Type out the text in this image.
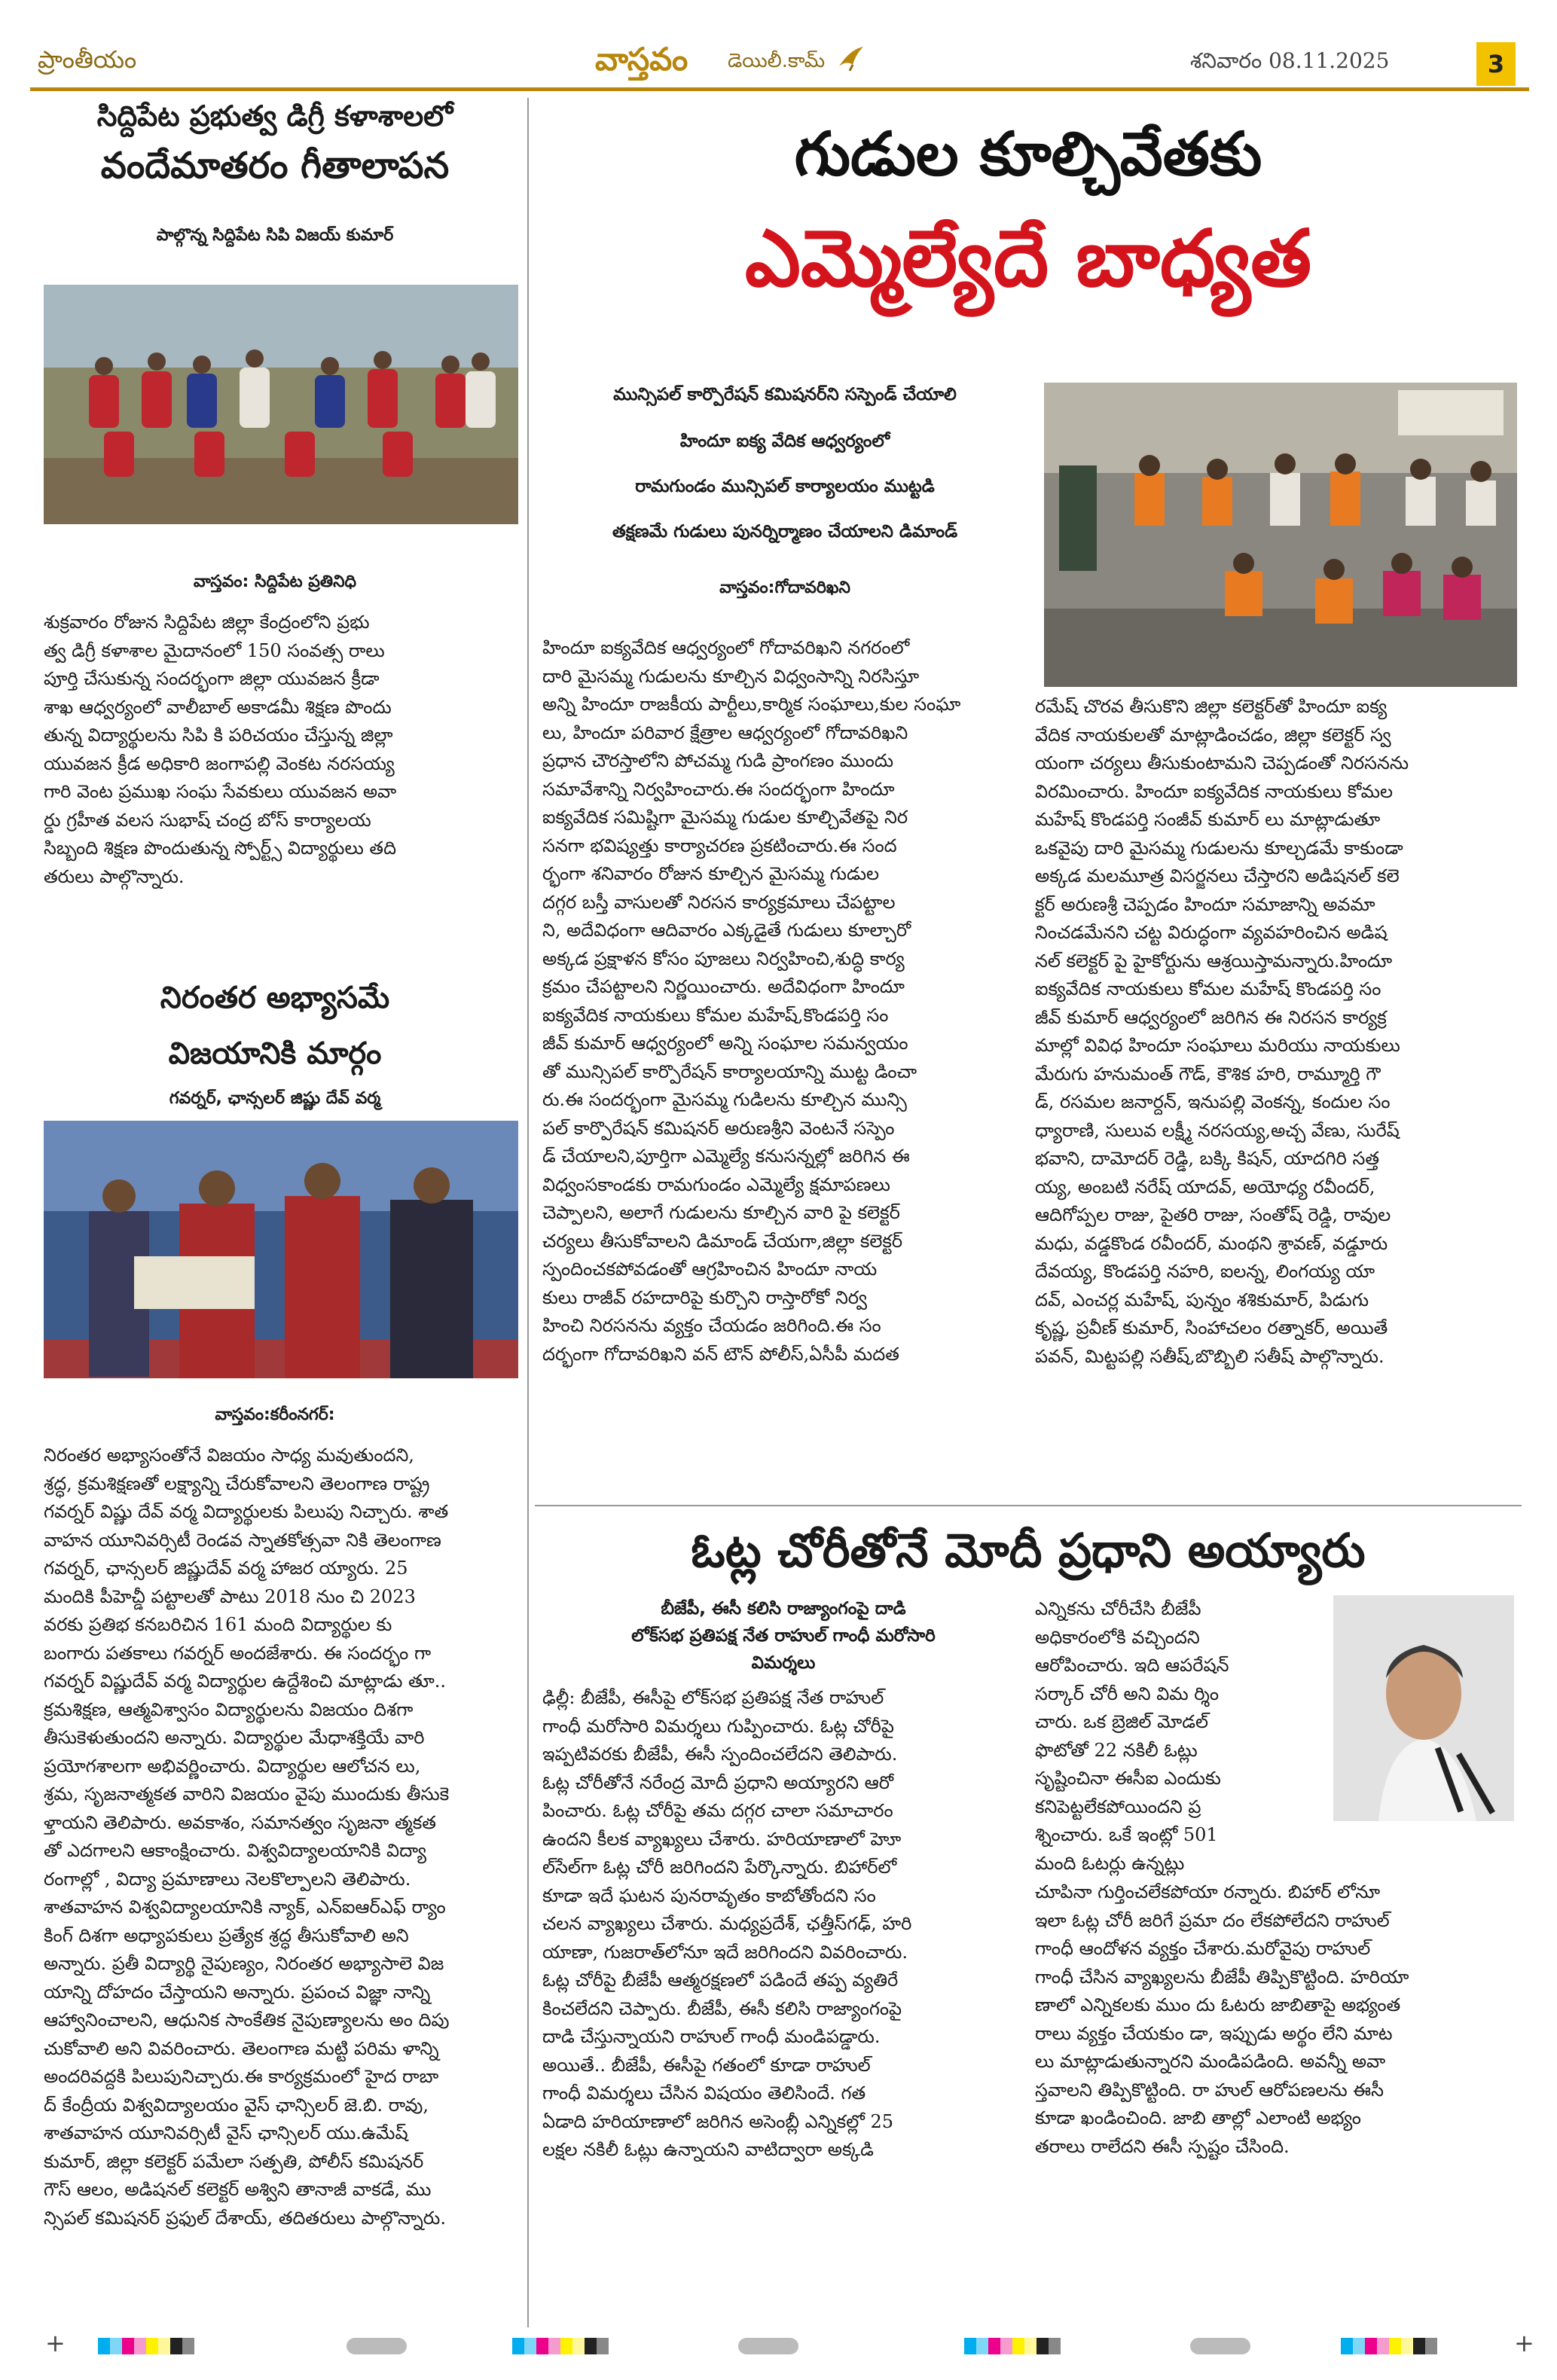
ప్రాంతీయం	వాస్తవం డెయిలీ.కామ్	శనివారం 08.11.2025	3
సిద్దిపేట ప్రభుత్వ డిగ్రీ కళాశాలలో
వందేమాతరం గీతాలాపన
పాల్గొన్న సిద్దిపేట సిపి విజయ్ కుమార్
వాస్తవం: సిద్దిపేట ప్రతినిధి
శుక్రవారం రోజున సిద్దిపేట జిల్లా కేంద్రంలోని ప్రభు
త్వ డిగ్రీ కళాశాల మైదానంలో 150 సంవత్స రాలు
పూర్తి చేసుకున్న సందర్భంగా జిల్లా యువజన క్రీడా
శాఖ ఆధ్వర్యంలో వాలీబాల్ అకాడమీ శిక్షణ పొందు
తున్న విద్యార్థులను సిపి కి పరిచయం చేస్తున్న జిల్లా
యువజన క్రీడ అధికారి జంగాపల్లి వెంకట నరసయ్య
గారి వెంట ప్రముఖ సంఘ సేవకులు యువజన అవా
ర్డు గ్రహీత వలస సుభాష్ చంద్ర బోస్ కార్యాలయ
సిబ్బంది శిక్షణ పొందుతున్న స్పోర్ట్స్ విద్యార్థులు తది
తరులు పాల్గొన్నారు.
నిరంతర అభ్యాసమే
విజయానికి మార్గం
గవర్నర్, ఛాన్సలర్ జిష్ణు దేవ్ వర్మ
వాస్తవం:కరీంనగర్:
నిరంతర అభ్యాసంతోనే విజయం సాధ్య మవుతుందని,
శ్రద్ధ, క్రమశిక్షణతో లక్ష్యాన్ని చేరుకోవాలని తెలంగాణ రాష్ట్ర
గవర్నర్ విష్ణు దేవ్ వర్మ విద్యార్థులకు పిలుపు నిచ్చారు. శాత
వాహన యూనివర్సిటీ రెండవ స్నాతకోత్సవా నికి తెలంగాణ
గవర్నర్, ఛాన్సలర్ జిష్ణుదేవ్ వర్మ హాజర య్యారు. 25
మందికి పీహెచ్డీ పట్టాలతో పాటు 2018 నుం చి 2023
వరకు ప్రతిభ కనబరిచిన 161 మంది విద్యార్థుల కు
బంగారు పతకాలు గవర్నర్ అందజేశారు. ఈ సందర్భం గా
గవర్నర్ విష్ణుదేవ్ వర్మ విద్యార్థుల ఉద్దేశించి మాట్లాడు తూ..
క్రమశిక్షణ, ఆత్మవిశ్వాసం విద్యార్థులను విజయం దిశగా
తీసుకెళుతుందని అన్నారు. విద్యార్థుల మేధాశక్తియే వారి
ప్రయోగశాలగా అభివర్ణించారు. విద్యార్థుల ఆలోచన లు,
శ్రమ, సృజనాత్మకత వారిని విజయం వైపు ముందుకు తీసుకె
ళ్తాయని తెలిపారు. అవకాశం, సమానత్వం సృజనా త్మకత
తో ఎదగాలని ఆకాంక్షించారు. విశ్వవిద్యాలయానికి విద్యా
రంగాల్లో , విద్యా ప్రమాణాలు నెలకొల్పాలని తెలిపారు.
శాతవాహన విశ్వవిద్యాలయానికి న్యాక్, ఎన్ఐఆర్ఎఫ్ ర్యాం
కింగ్ దిశగా అధ్యాపకులు ప్రత్యేక శ్రద్ధ తీసుకోవాలి అని
అన్నారు. ప్రతీ విద్యార్థి నైపుణ్యం, నిరంతర అభ్యాసాలె విజ
యాన్ని దోహదం చేస్తాయని అన్నారు. ప్రపంచ విజ్ఞా నాన్ని
ఆహ్వానించాలని, ఆధునిక సాంకేతిక నైపుణ్యాలను అం దిపు
చుకోవాలి అని వివరించారు. తెలంగాణ మట్టి పరిమ ళాన్ని
అందరివద్దకి పిలుపునిచ్చారు.ఈ కార్యక్రమంలో హైద రాబా
ద్ కేంద్రీయ విశ్వవిద్యాలయం వైస్ ఛాన్సిలర్ జె.బి. రావు,
శాతవాహన యూనివర్సిటీ వైస్ ఛాన్సిలర్ యు.ఉమేష్
కుమార్, జిల్లా కలెక్టర్ పమేలా సత్పతి, పోలీస్ కమిషనర్
గౌస్ ఆలం, అడిషనల్ కలెక్టర్ అశ్విని తానాజీ వాకడే, ము
న్సిపల్ కమిషనర్ ప్రఫుల్ దేశాయ్, తదితరులు పాల్గొన్నారు.
గుడుల కూల్చివేతకు
ఎమ్మెల్యేదే బాధ్యత
మున్సిపల్ కార్పొరేషన్ కమిషనర్‌ని సస్పెండ్ చేయాలి
హిందూ ఐక్య వేదిక ఆధ్వర్యంలో
రామగుండం మున్సిపల్ కార్యాలయం ముట్టడి
తక్షణమే గుడులు పునర్నిర్మాణం చేయాలని డిమాండ్
వాస్తవం:గోదావరిఖని
హిందూ ఐక్యవేదిక ఆధ్వర్యంలో గోదావరిఖని నగరంలో
దారి మైసమ్మ గుడులను కూల్చిన విధ్వంసాన్ని నిరసిస్తూ
అన్ని హిందూ రాజకీయ పార్టీలు,కార్మిక సంఘాలు,కుల సంఘా
లు, హిందూ పరివార క్షేత్రాల ఆధ్వర్యంలో గోదావరిఖని
ప్రధాన చౌరస్తాలోని పోచమ్మ గుడి ప్రాంగణం ముందు
సమావేశాన్ని నిర్వహించారు.ఈ సందర్భంగా హిందూ
ఐక్యవేదిక సమిష్టిగా మైసమ్మ గుడుల కూల్చివేతపై నిర
సనగా భవిష్యత్తు కార్యాచరణ ప్రకటించారు.ఈ సంద
ర్భంగా శనివారం రోజున కూల్చిన మైసమ్మ గుడుల
దగ్గర బస్తీ వాసులతో నిరసన కార్యక్రమాలు చేపట్టాల
ని, అదేవిధంగా ఆదివారం ఎక్కడైతే గుడులు కూల్చారో
అక్కడ ప్రక్షాళన కోసం పూజలు నిర్వహించి,శుద్ధి కార్య
క్రమం చేపట్టాలని నిర్ణయించారు. అదేవిధంగా హిందూ
ఐక్యవేదిక నాయకులు కోమల మహేష్,కొండపర్తి సం
జీవ్ కుమార్ ఆధ్వర్యంలో అన్ని సంఘాల సమన్వయం
తో మున్సిపల్ కార్పొరేషన్ కార్యాలయాన్ని ముట్ట డించా
రు.ఈ సందర్భంగా మైసమ్మ గుడిలను కూల్చిన మున్సి
పల్ కార్పొరేషన్ కమిషనర్ అరుణశ్రీని వెంటనే సస్పెం
డ్ చేయాలని,పూర్తిగా ఎమ్మెల్యే కనుసన్నల్లో జరిగిన ఈ
విధ్వంసకాండకు రామగుండం ఎమ్మెల్యే క్షమాపణలు
చెప్పాలని, అలాగే గుడులను కూల్చిన వారి పై కలెక్టర్
చర్యలు తీసుకోవాలని డిమాండ్ చేయగా,జిల్లా కలెక్టర్
స్పందించకపోవడంతో ఆగ్రహించిన హిందూ నాయ
కులు రాజీవ్ రహదారిపై కుర్చొని రాస్తారోకో నిర్వ
హించి నిరసనను వ్యక్తం చేయడం జరిగింది.ఈ సం
దర్భంగా గోదావరిఖని వన్ టౌన్ పోలీస్,ఏసీపీ మదత
రమేష్ చొరవ తీసుకొని జిల్లా కలెక్టర్‌తో హిందూ ఐక్య
వేదిక నాయకులతో మాట్లాడించడం, జిల్లా కలెక్టర్ స్వ
యంగా చర్యలు తీసుకుంటామని చెప్పడంతో నిరసనను
విరమించారు. హిందూ ఐక్యవేదిక నాయకులు కోమల
మహేష్ కొండపర్తి సంజీవ్ కుమార్ లు మాట్లాడుతూ
ఒకవైపు దారి మైసమ్మ గుడులను కూల్చడమే కాకుండా
అక్కడ మలమూత్ర విసర్జనలు చేస్తారని అడిషనల్ కలె
క్టర్ అరుణశ్రీ చెప్పడం హిందూ సమాజాన్ని అవమా
నించడమేనని చట్ట విరుద్ధంగా వ్యవహరించిన అడిష
నల్ కలెక్టర్ పై హైకోర్టును ఆశ్రయిస్తామన్నారు.హిందూ
ఐక్యవేదిక నాయకులు కోమల మహేష్ కొండపర్తి సం
జీవ్ కుమార్ ఆధ్వర్యంలో జరిగిన ఈ నిరసన కార్యక్ర
మాల్లో వివిధ హిందూ సంఘాలు మరియు నాయకులు
మేరుగు హనుమంత్ గౌడ్, కౌశిక హరి, రామ్మూర్తి గౌ
డ్, రసమల జనార్దన్, ఇనుపల్లి వెంకన్న, కందుల సం
ధ్యారాణి, సులువ లక్ష్మీ నరసయ్య,అచ్చ వేణు, సురేష్
భవాని, దామోదర్ రెడ్డి, బక్కి కిషన్, యాదగిరి సత్త
య్య, అంబటి నరేష్ యాదవ్, అయోధ్య రవీందర్,
ఆదిగోప్పల రాజు, పైతరి రాజు, సంతోష్ రెడ్డి, రావుల
మధు, వడ్డకొండ రవీందర్, మంథని శ్రావణ్, వడ్డూరు
దేవయ్య, కొండపర్తి నహరి, ఐలన్న, లింగయ్య యా
దవ్, ఎంచర్ల మహేష్, పున్నం శశికుమార్, పిడుగు
కృష్ణ, ప్రవీణ్ కుమార్, సింహాచలం రత్నాకర్, అయితే
పవన్, మిట్టపల్లి సతీష్,బొబ్బిలి సతీష్ పాల్గొన్నారు.
ఓట్ల చోరీతోనే మోదీ ప్రధాని అయ్యారు
బీజేపీ, ఈసీ కలిసి రాజ్యాంగంపై దాడి
లోక్‌సభ ప్రతిపక్ష నేత రాహుల్ గాంధీ మరోసారి
విమర్శలు
ఢిల్లీ: బీజేపీ, ఈసీపై లోక్‌సభ ప్రతిపక్ష నేత రాహుల్
గాంధీ మరోసారి విమర్శలు గుప్పించారు. ఓట్ల చోరీపై
ఇప్పటివరకు బీజేపీ, ఈసీ స్పందించలేదని తెలిపారు.
ఓట్ల చోరీతోనే నరేంద్ర మోదీ ప్రధాని అయ్యారని ఆరో
పించారు. ఓట్ల చోరీపై తమ దగ్గర చాలా సమాచారం
ఉందని కీలక వ్యాఖ్యలు చేశారు. హరియాణాలో హెూ
ల్‌సేల్‌గా ఓట్ల చోరీ జరిగిందని పేర్కొన్నారు. బిహార్‌లో
కూడా ఇదే ఘటన పునరావృతం కాబోతోందని సం
చలన వ్యాఖ్యలు చేశారు. మధ్యప్రదేశ్, ఛత్తీస్‌గఢ్, హరి
యాణా, గుజరాత్‌లోనూ ఇదే జరిగిందని వివరించారు.
ఓట్ల చోరీపై బీజేపీ ఆత్మరక్షణలో పడిందే తప్ప వ్యతిరే
కించలేదని చెప్పారు. బీజేపీ, ఈసీ కలిసి రాజ్యాంగంపై
దాడి చేస్తున్నాయని రాహుల్ గాంధీ మండిపడ్డారు.
అయితే.. బీజేపీ, ఈసీపై గతంలో కూడా రాహుల్
గాంధీ విమర్శలు చేసిన విషయం తెలిసిందే. గత
ఏడాది హరియాణాలో జరిగిన అసెంబ్లీ ఎన్నికల్లో 25
లక్షల నకిలీ ఓట్లు ఉన్నాయని వాటిద్వారా అక్కడి
ఎన్నికను చోరీచేసి బీజేపీ
అధికారంలోకి వచ్చిందని
ఆరోపించారు. ఇది ఆపరేషన్
సర్కార్ చోరీ అని విమ ర్శిం
చారు. ఒక బ్రెజిల్ మోడల్
ఫొటోతో 22 నకిలీ ఓట్లు
సృష్టించినా ఈసీఐ ఎందుకు
కనిపెట్టలేకపోయిందని ప్ర
శ్నించారు. ఒకే ఇంట్లో 501
మంది ఓటర్లు ఉన్నట్లు
చూపినా గుర్తించలేకపోయా రన్నారు. బిహార్ లోనూ
ఇలా ఓట్ల చోరీ జరిగే ప్రమా దం లేకపోలేదని రాహుల్
గాంధీ ఆందోళన వ్యక్తం చేశారు.మరోవైపు రాహుల్
గాంధీ చేసిన వ్యాఖ్యలను బీజేపీ తిప్పికొట్టింది. హరియా
ణాలో ఎన్నికలకు ముం దు ఓటరు జాబితాపై అభ్యంత
రాలు వ్యక్తం చేయకుం డా, ఇప్పుడు అర్థం లేని మాట
లు మాట్లాడుతున్నారని మండిపడింది. అవన్నీ అవా
స్తవాలని తిప్పికొట్టింది. రా హుల్ ఆరోపణలను ఈసీ
కూడా ఖండించింది. జాబి తాల్లో ఎలాంటి అభ్యం
తరాలు రాలేదని ఈసీ స్పష్టం చేసింది.
+	+
